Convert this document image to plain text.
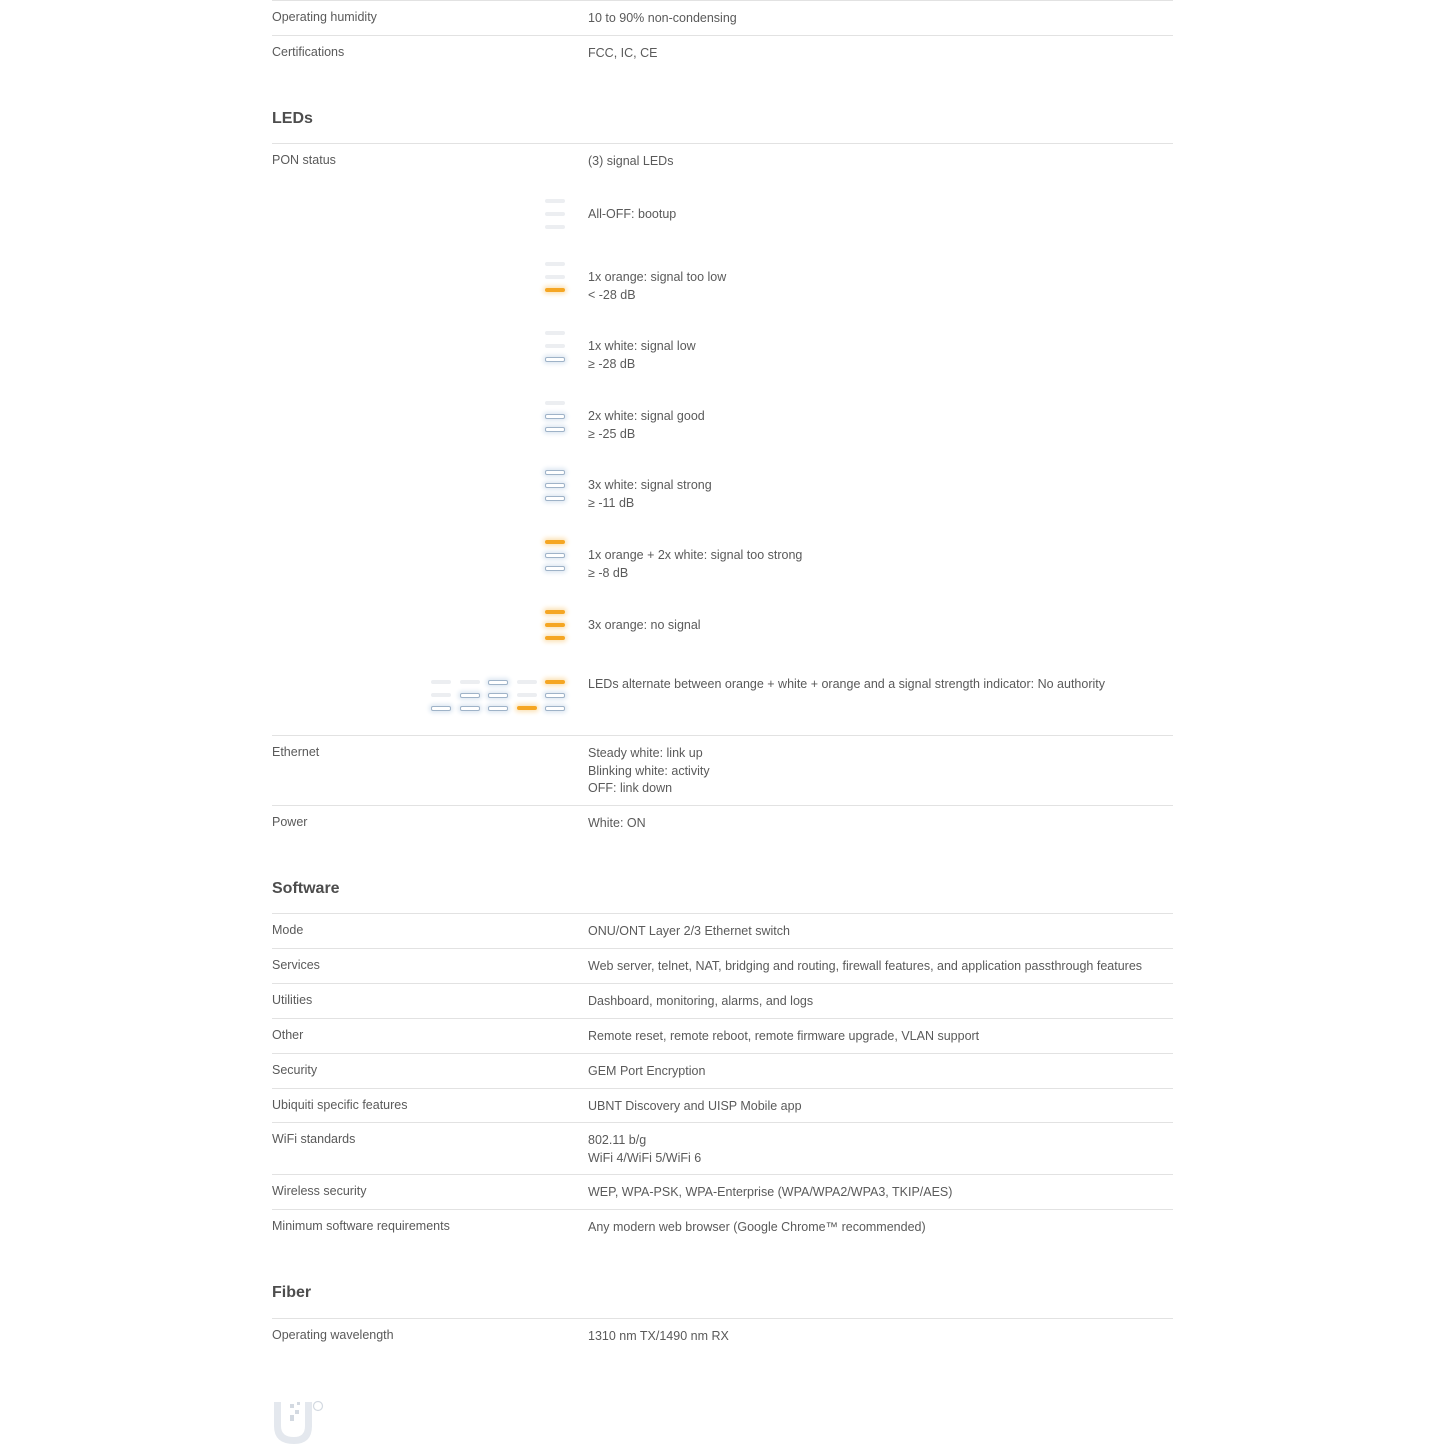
Operating humidity	10 to 90% non-condensing
Certifications	FCC, IC, CE
LEDs
PON status	(3) signal LEDs
All-OFF: bootup
1x orange: signal too low
< -28 dB
1x white: signal low
≥ -28 dB
2x white: signal good
≥ -25 dB
3x white: signal strong
≥ -11 dB
1x orange + 2x white: signal too strong
≥ -8 dB
3x orange: no signal
LEDs alternate between orange + white + orange and a signal strength indicator: No authority
Ethernet	Steady white: link up
Blinking white: activity
OFF: link down
Power	White: ON
Software
Mode	ONU/ONT Layer 2/3 Ethernet switch
Services	Web server, telnet, NAT, bridging and routing, firewall features, and application passthrough features
Utilities	Dashboard, monitoring, alarms, and logs
Other	Remote reset, remote reboot, remote firmware upgrade, VLAN support
Security	GEM Port Encryption
Ubiquiti specific features	UBNT Discovery and UISP Mobile app
WiFi standards	802.11 b/g
WiFi 4/WiFi 5/WiFi 6
Wireless security	WEP, WPA-PSK, WPA-Enterprise (WPA/WPA2/WPA3, TKIP/AES)
Minimum software requirements	Any modern web browser (Google Chrome™ recommended)
Fiber
Operating wavelength	1310 nm TX/1490 nm RX
